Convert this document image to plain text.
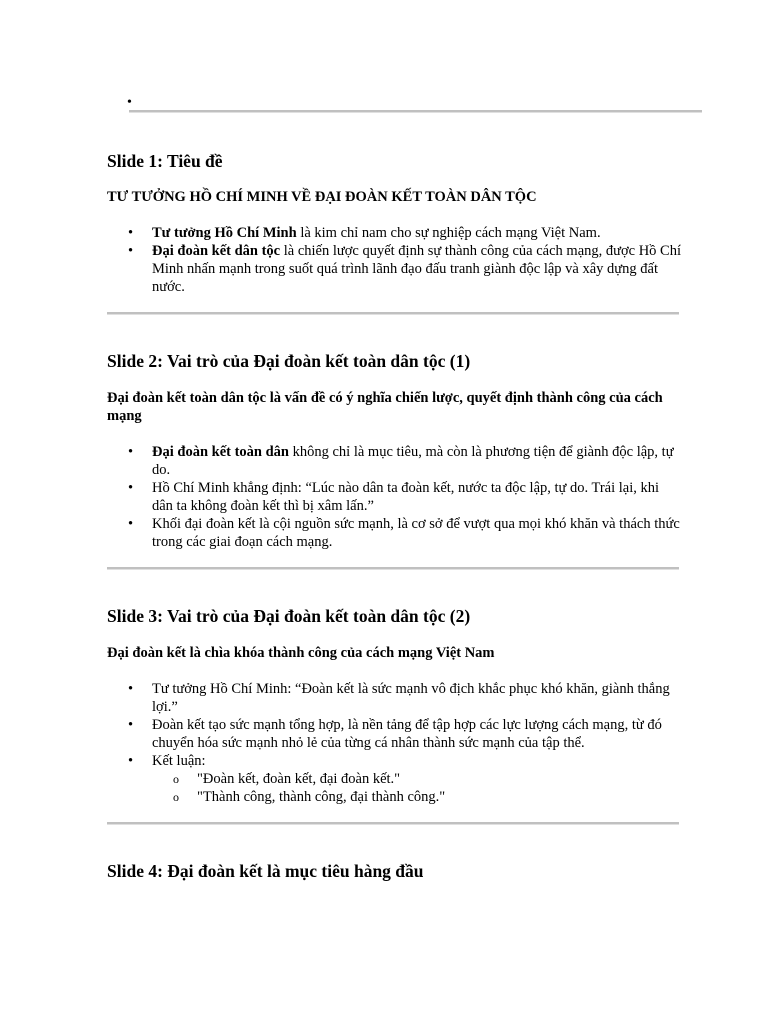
•

Slide 1: Tiêu đề

TƯ TƯỞNG HỒ CHÍ MINH VỀ ĐẠI ĐOÀN KẾT TOÀN DÂN TỘC

• Tư tưởng Hồ Chí Minh là kim chỉ nam cho sự nghiệp cách mạng Việt Nam.
• Đại đoàn kết dân tộc là chiến lược quyết định sự thành công của cách mạng, được Hồ Chí Minh nhấn mạnh trong suốt quá trình lãnh đạo đấu tranh giành độc lập và xây dựng đất nước.

Slide 2: Vai trò của Đại đoàn kết toàn dân tộc (1)

Đại đoàn kết toàn dân tộc là vấn đề có ý nghĩa chiến lược, quyết định thành công của cách mạng

• Đại đoàn kết toàn dân không chỉ là mục tiêu, mà còn là phương tiện để giành độc lập, tự do.
• Hồ Chí Minh khẳng định: “Lúc nào dân ta đoàn kết, nước ta độc lập, tự do. Trái lại, khi dân ta không đoàn kết thì bị xâm lấn.”
• Khối đại đoàn kết là cội nguồn sức mạnh, là cơ sở để vượt qua mọi khó khăn và thách thức trong các giai đoạn cách mạng.

Slide 3: Vai trò của Đại đoàn kết toàn dân tộc (2)

Đại đoàn kết là chìa khóa thành công của cách mạng Việt Nam

• Tư tưởng Hồ Chí Minh: “Đoàn kết là sức mạnh vô địch khắc phục khó khăn, giành thắng lợi.”
• Đoàn kết tạo sức mạnh tổng hợp, là nền tảng để tập hợp các lực lượng cách mạng, từ đó chuyển hóa sức mạnh nhỏ lẻ của từng cá nhân thành sức mạnh của tập thể.
• Kết luận:
o "Đoàn kết, đoàn kết, đại đoàn kết."
o "Thành công, thành công, đại thành công."

Slide 4: Đại đoàn kết là mục tiêu hàng đầu
